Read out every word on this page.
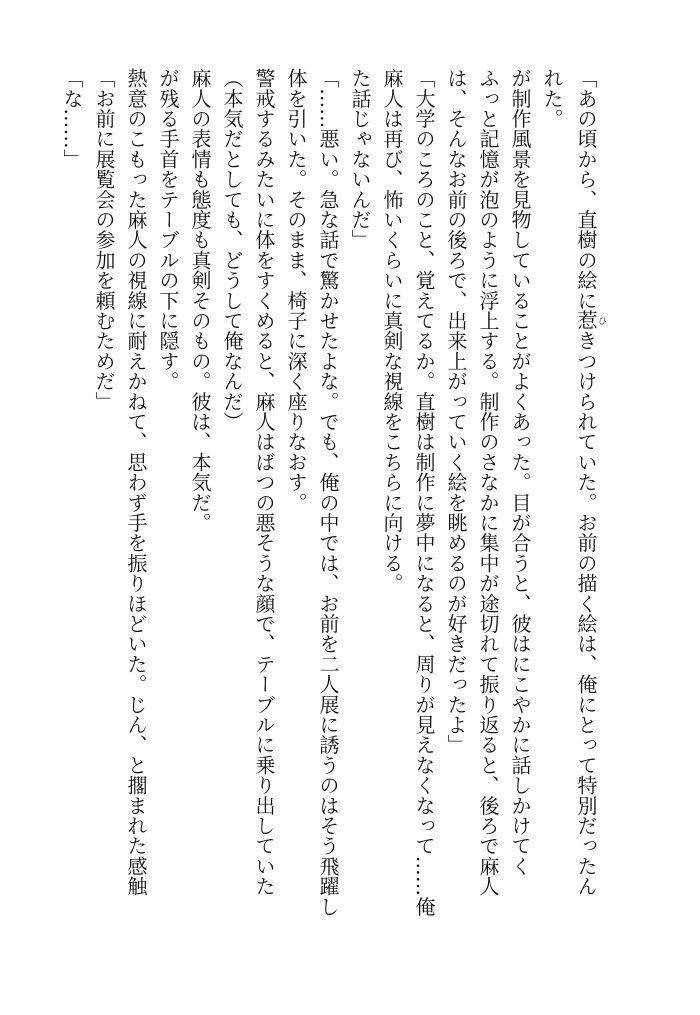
「な……」 「お前に展覧会の参加を頼むためだ」 熱意のこもった麻人の視線に耐えかねて、思わず手を振りほどいた。じん、と擱まれた感触 が残る手首をテーブルの下に隠す。 麻人の表情も態度も真剣そのもの。彼は、本気だ。 （本気だとしても、どうして俺なんだ） 警戒するみたいに体をすくめると、麻人はばつの悪そうな顔で、テーブルに乗り出していた 体を引いた。そのまま、椅子に深く座りなおす。 「……悪い。急な話で驚かせたよな。でも、俺の中では、お前を二人展に誘うのはそう飛躍し た話じゃないんだ」 麻人は再び、怖いくらいに真剣な視線をこちらに向ける。 「大学のころのこと、覚えてるか。直樹は制作に夢中になると、周りが見えなくなって……俺 は、そんなお前の後ろで、出来上がっていく絵を眺めるのが好きだったよ」 ふっと記憶が泡のように浮上する。制作のさなかに集中が途切れて振り返ると、後ろで麻人 が制作風景を見物していることがよくあった。目が合うと、彼はにこやかに話しかけてく れた。 「あの頃から、直樹の絵に惹ひきつけられていた。お前の描く絵は、俺にとって特別だったん
